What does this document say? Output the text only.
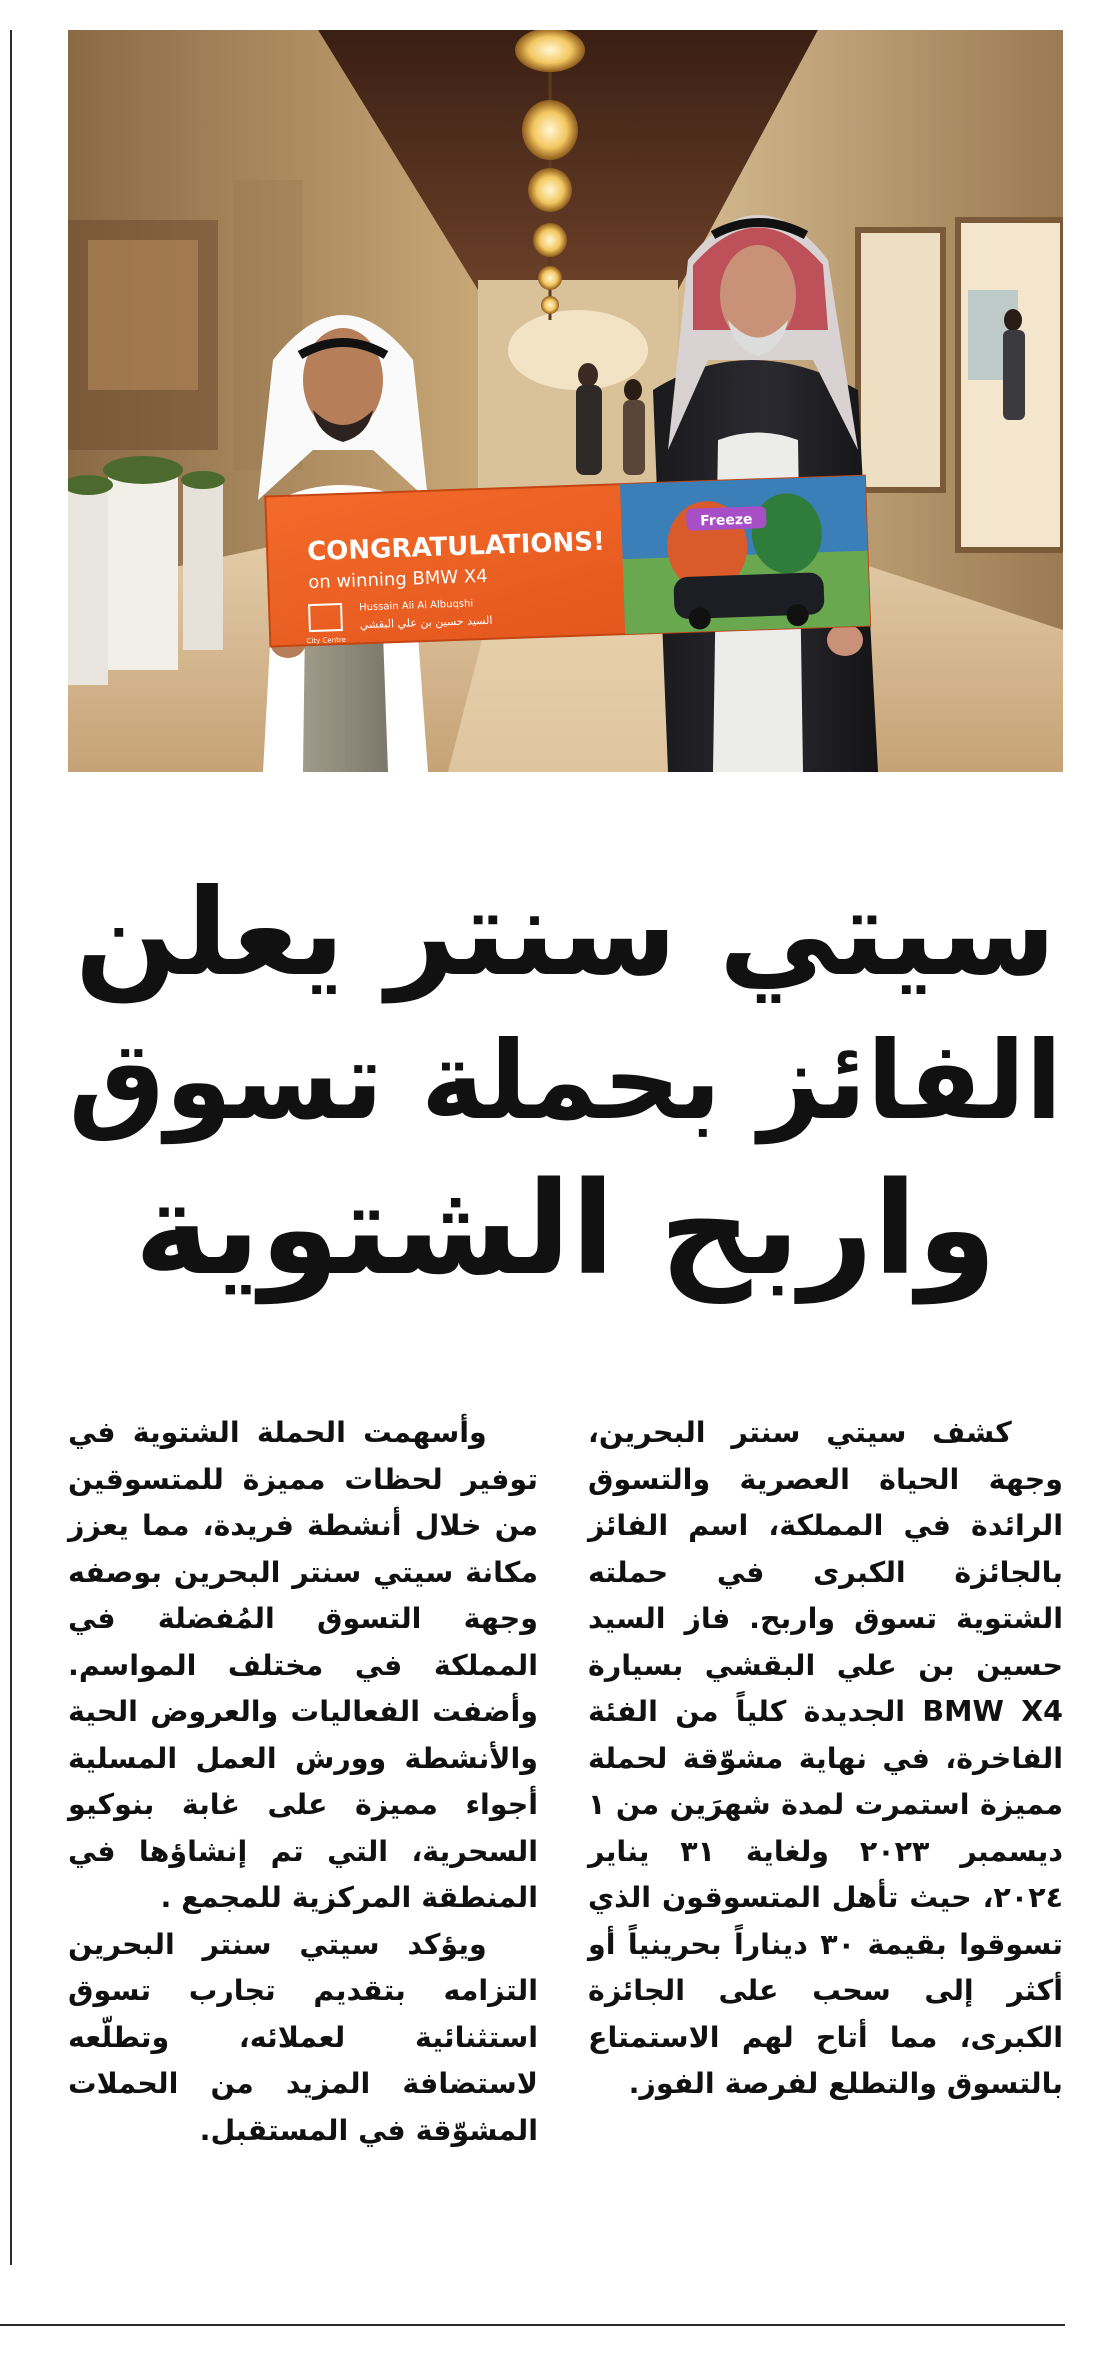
Freeze
CONGRATULATIONS!
on winning BMW X4
Hussain Ali Al Albuqshi
السيد حسين بن علي البقشي
City Centre
سيتي سنتر يعلن
الفائز بحملة تسوق
واربح الشتوية

كشف سيتي سنتر البحرين، وجهة الحياة العصرية والتسوق الرائدة في المملكة، اسم الفائز بالجائزة الكبرى في حملته الشتوية تسوق واربح. فاز السيد حسين بن علي البقشي بسيارة BMW X4 الجديدة كلياً من الفئة الفاخرة، في نهاية مشوّقة لحملة مميزة استمرت لمدة شهرَين من ١ ديسمبر ٢٠٢٣ ولغاية ٣١ يناير ٢٠٢٤، حيث تأهل المتسوقون الذي تسوقوا بقيمة ٣٠ ديناراً بحرينياً أو أكثر إلى سحب على الجائزة الكبرى، مما أتاح لهم الاستمتاع بالتسوق والتطلع لفرصة الفوز.

وأسهمت الحملة الشتوية في توفير لحظات مميزة للمتسوقين من خلال أنشطة فريدة، مما يعزز مكانة سيتي سنتر البحرين بوصفه وجهة التسوق المُفضلة في المملكة في مختلف المواسم. وأضفت الفعاليات والعروض الحية والأنشطة وورش العمل المسلية أجواء مميزة على غابة بنوكيو السحرية، التي تم إنشاؤها في المنطقة المركزية للمجمع .

ويؤكد سيتي سنتر البحرين التزامه بتقديم تجارب تسوق استثنائية لعملائه، وتطلّعه لاستضافة المزيد من الحملات المشوّقة في المستقبل.
